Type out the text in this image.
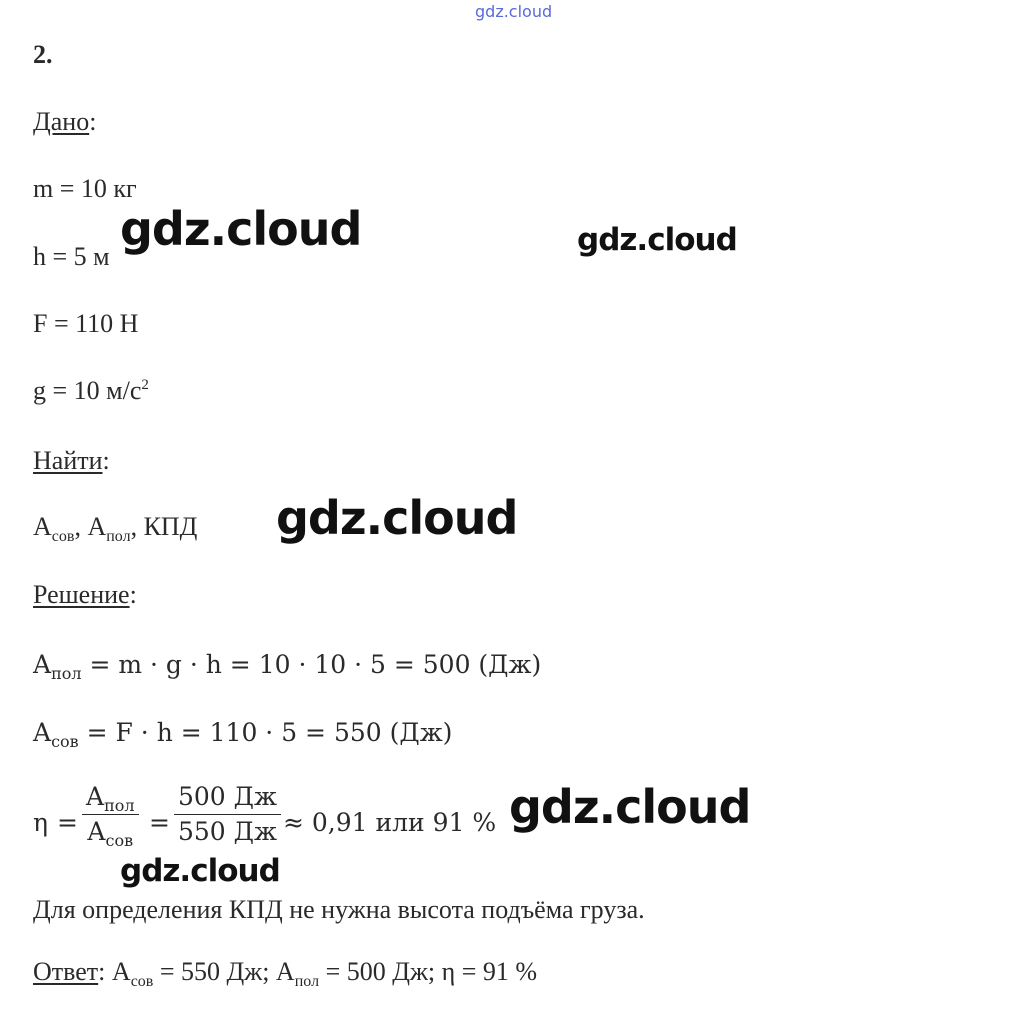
gdz.cloud
2.
Дано:
m = 10 кг
h = 5 м
F = 110 Н
g = 10 $м/с^2$
Найти:
$A_{сов}$, $A_{пол}$, КПД
Решение:
$A_{пол} = m \cdot g \cdot h = 10 \cdot 10 \cdot 5 = 500$ (Дж)
$A_{сов} = F \cdot h = 110 \cdot 5 = 550$ (Дж)
η =
$A_{пол}$
$A_{сов}$
=
500 Дж
550 Дж ≈ 0,91 или 91 %
Для определения КПД не нужна высота подъёма груза.
Ответ: $A_{сов} = 550$ Дж; $A_{пол} = 500$ Дж; η = 91 %
gdz.cloud	gdz.cloud
gdz.cloud
gdz.cloud
gdz.cloud
